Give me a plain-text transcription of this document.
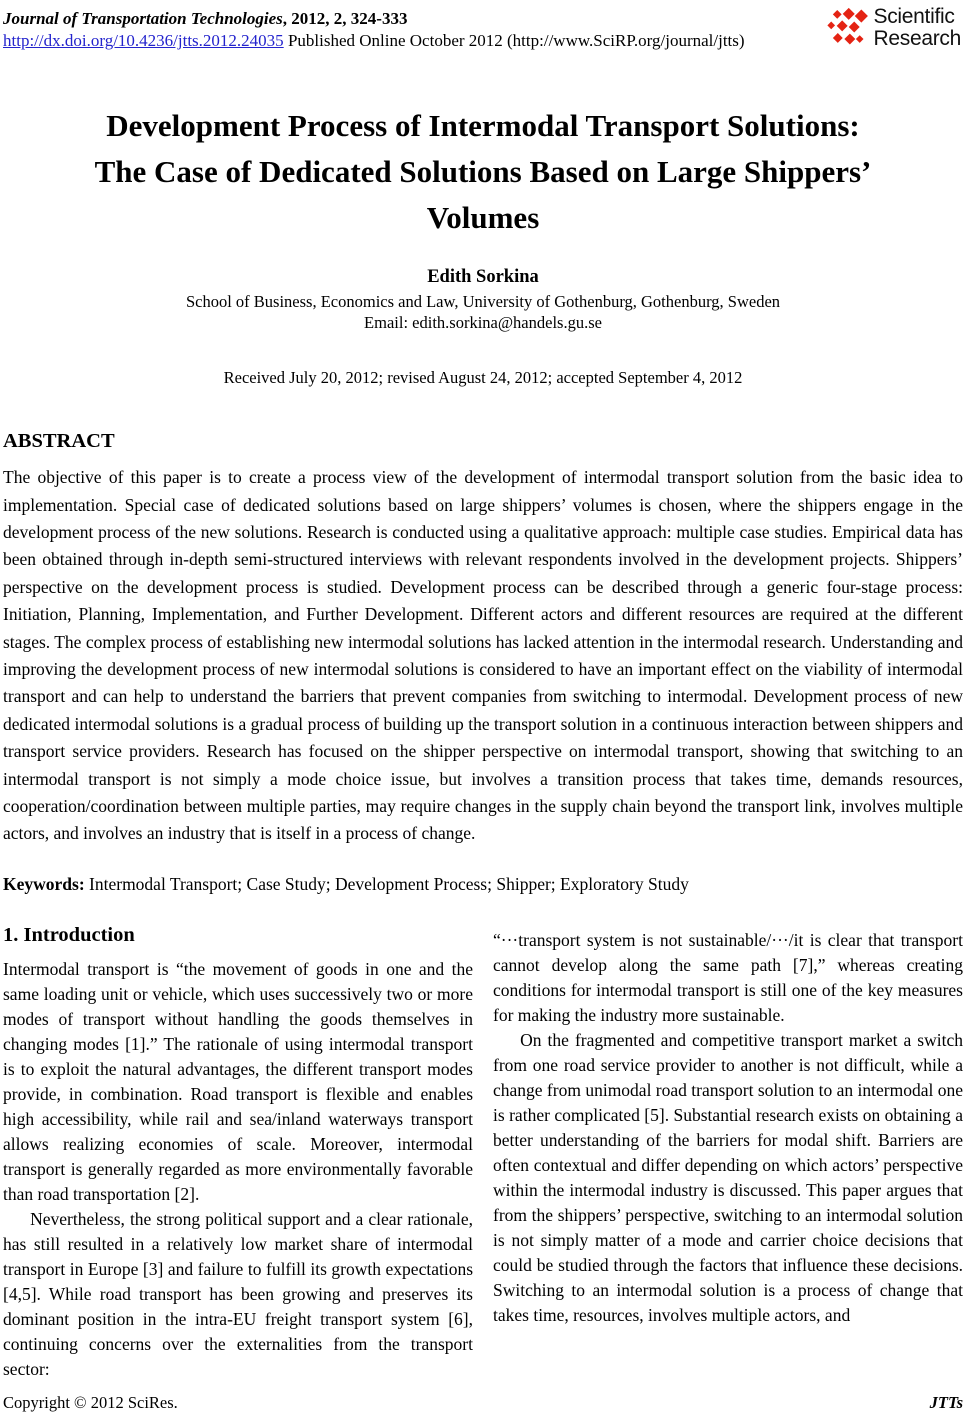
Journal of Transportation Technologies, 2012, 2, 324-333
http://dx.doi.org/10.4236/jtts.2012.24035 Published Online October 2012 (http://www.SciRP.org/journal/jtts)
Scientific
Research
Development Process of Intermodal Transport Solutions:
The Case of Dedicated Solutions Based on Large Shippers’
Volumes
Edith Sorkina
School of Business, Economics and Law, University of Gothenburg, Gothenburg, Sweden
Email: edith.sorkina@handels.gu.se
Received July 20, 2012; revised August 24, 2012; accepted September 4, 2012
ABSTRACT
The objective of this paper is to create a process view of the development of intermodal transport solution from the basic idea to implementation. Special case of dedicated solutions based on large shippers’ volumes is chosen, where the shippers engage in the development process of the new solutions. Research is conducted using a qualitative approach: multiple case studies. Empirical data has been obtained through in-depth semi-structured interviews with relevant respondents involved in the development projects. Shippers’ perspective on the development process is studied. Development process can be described through a generic four-stage process: Initiation, Planning, Implementation, and Further Development. Different actors and different resources are required at the different stages. The complex process of establishing new intermodal solutions has lacked attention in the intermodal research. Understanding and improving the development process of new intermodal solutions is considered to have an important effect on the viability of intermodal transport and can help to understand the barriers that prevent companies from switching to intermodal. Development process of new dedicated intermodal solutions is a gradual process of building up the transport solution in a continuous interaction between shippers and transport service providers. Research has focused on the shipper perspective on intermodal transport, showing that switching to an intermodal transport is not simply a mode choice issue, but involves a transition process that takes time, demands resources, cooperation/coordination between multiple parties, may require changes in the supply chain beyond the transport link, involves multiple actors, and involves an industry that is itself in a process of change.
Keywords: Intermodal Transport; Case Study; Development Process; Shipper; Exploratory Study
1. Introduction

Intermodal transport is “the movement of goods in one and the same loading unit or vehicle, which uses successively two or more modes of transport without handling the goods themselves in changing modes [1].” The rationale of using intermodal transport is to exploit the natural advantages, the different transport modes provide, in combination. Road transport is flexible and enables high accessibility, while rail and sea/inland waterways transport allows realizing economies of scale. Moreover, intermodal transport is generally regarded as more environmentally favorable than road transportation [2].

Nevertheless, the strong political support and a clear rationale, has still resulted in a relatively low market share of intermodal transport in Europe [3] and failure to fulfill its growth expectations [4,5]. While road transport has been growing and preserves its dominant position in the intra-EU freight transport system [6], continuing concerns over the externalities from the transport sector:

“···transport system is not sustainable/···/it is clear that transport cannot develop along the same path [7],” whereas creating conditions for intermodal transport is still one of the key measures for making the industry more sustainable.

On the fragmented and competitive transport market a switch from one road service provider to another is not difficult, while a change from unimodal road transport solution to an intermodal one is rather complicated [5]. Substantial research exists on obtaining a better understanding of the barriers for modal shift. Barriers are often contextual and differ depending on which actors’ perspective within the intermodal industry is discussed. This paper argues that from the shippers’ perspective, switching to an intermodal solution is not simply matter of a mode and carrier choice decisions that could be studied through the factors that influence these decisions. Switching to an intermodal solution is a process of change that takes time, resources, involves multiple actors, and

Copyright © 2012 SciRes.	JTTs
